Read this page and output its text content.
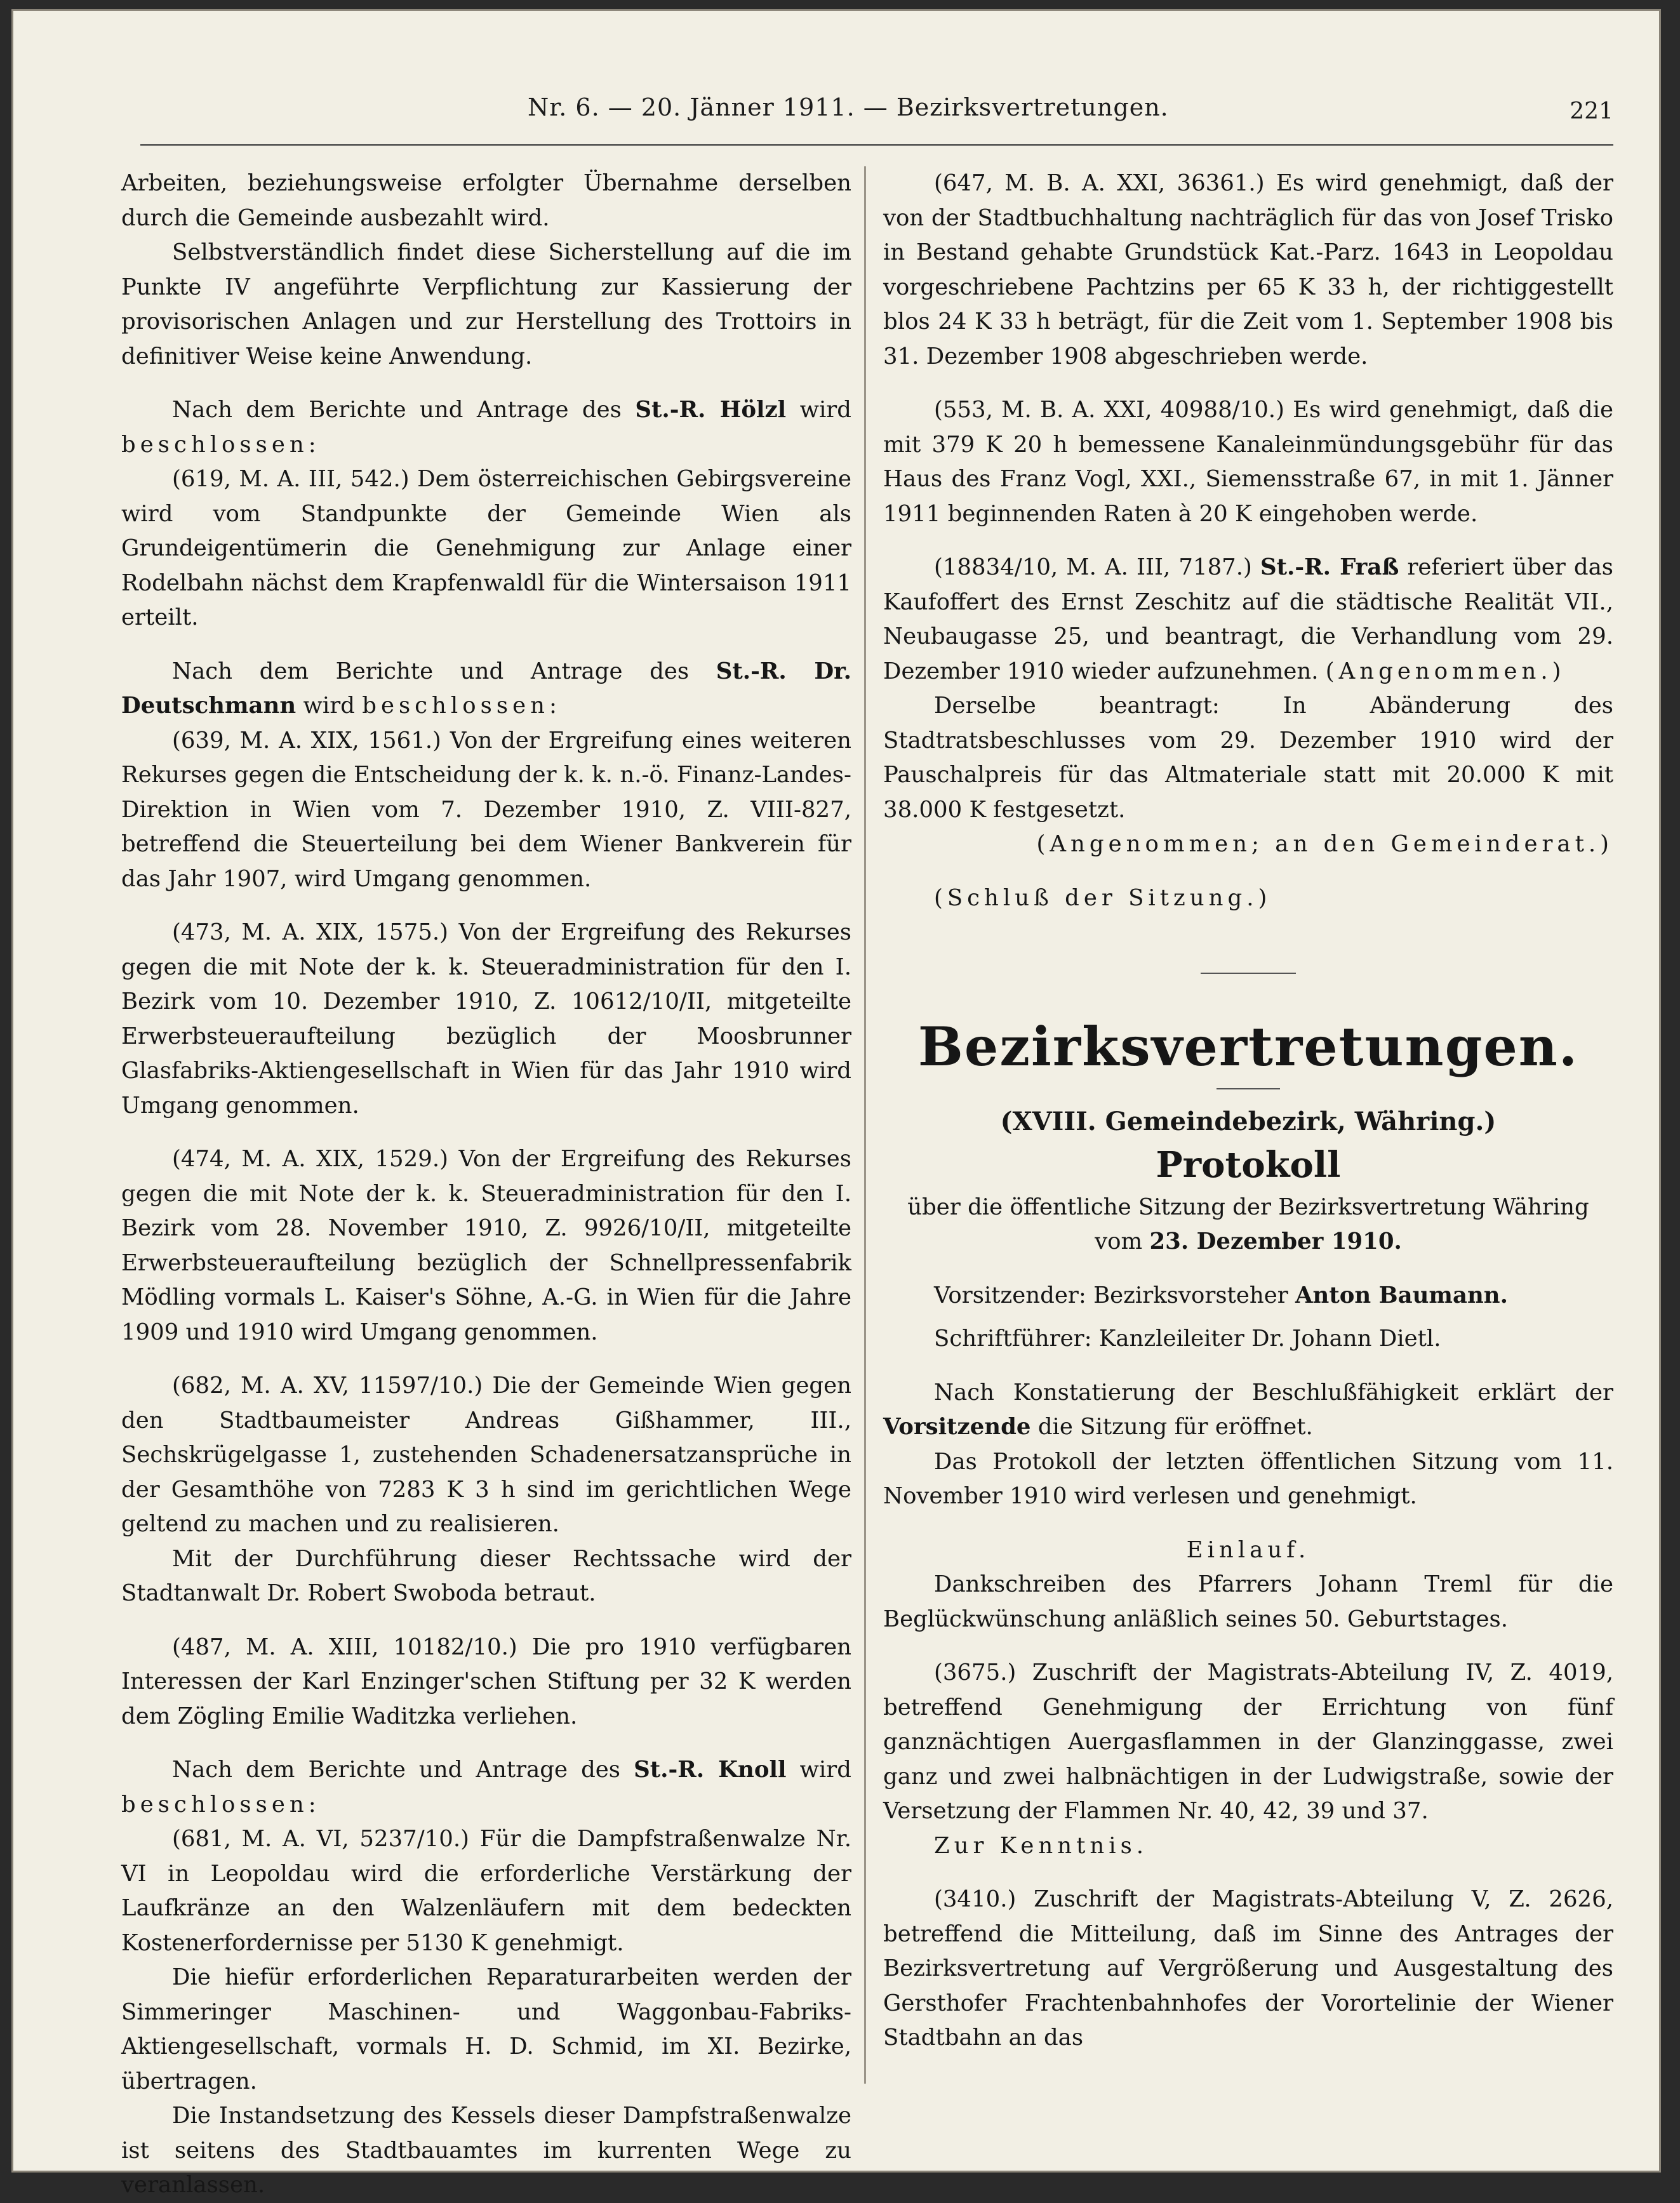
Nr. 6. — 20. Jänner 1911. — Bezirksvertretungen.	221

Arbeiten, beziehungsweise erfolgter Übernahme derselben durch die Gemeinde ausbezahlt wird.

Selbstverständlich findet diese Sicherstellung auf die im Punkte IV angeführte Verpflichtung zur Kassierung der provisorischen Anlagen und zur Herstellung des Trottoirs in definitiver Weise keine Anwendung.

Nach dem Berichte und Antrage des St.-R. Hölzl wird beschlossen:

(619, M. A. III, 542.) Dem österreichischen Gebirgsvereine wird vom Standpunkte der Gemeinde Wien als Grundeigentümerin die Genehmigung zur Anlage einer Rodelbahn nächst dem Krapfenwaldl für die Wintersaison 1911 erteilt.

Nach dem Berichte und Antrage des St.-R. Dr. Deutschmann wird beschlossen:

(639, M. A. XIX, 1561.) Von der Ergreifung eines weiteren Rekurses gegen die Entscheidung der k. k. n.-ö. Finanz-Landes-Direktion in Wien vom 7. Dezember 1910, Z. VIII-827, betreffend die Steuerteilung bei dem Wiener Bankverein für das Jahr 1907, wird Umgang genommen.

(473, M. A. XIX, 1575.) Von der Ergreifung des Rekurses gegen die mit Note der k. k. Steueradministration für den I. Bezirk vom 10. Dezember 1910, Z. 10612/10/II, mitgeteilte Erwerbsteueraufteilung bezüglich der Moosbrunner Glasfabriks-Aktiengesellschaft in Wien für das Jahr 1910 wird Umgang genommen.

(474, M. A. XIX, 1529.) Von der Ergreifung des Rekurses gegen die mit Note der k. k. Steueradministration für den I. Bezirk vom 28. November 1910, Z. 9926/10/II, mitgeteilte Erwerbsteueraufteilung bezüglich der Schnellpressenfabrik Mödling vormals L. Kaiser's Söhne, A.-G. in Wien für die Jahre 1909 und 1910 wird Umgang genommen.

(682, M. A. XV, 11597/10.) Die der Gemeinde Wien gegen den Stadtbaumeister Andreas Gißhammer, III., Sechskrügelgasse 1, zustehenden Schadenersatzansprüche in der Gesamthöhe von 7283 K 3 h sind im gerichtlichen Wege geltend zu machen und zu realisieren.

Mit der Durchführung dieser Rechtssache wird der Stadtanwalt Dr. Robert Swoboda betraut.

(487, M. A. XIII, 10182/10.) Die pro 1910 verfügbaren Interessen der Karl Enzinger'schen Stiftung per 32 K werden dem Zögling Emilie Waditzka verliehen.

Nach dem Berichte und Antrage des St.-R. Knoll wird beschlossen:

(681, M. A. VI, 5237/10.) Für die Dampfstraßenwalze Nr. VI in Leopoldau wird die erforderliche Verstärkung der Laufkränze an den Walzenläufern mit dem bedeckten Kostenerfordernisse per 5130 K genehmigt.

Die hiefür erforderlichen Reparaturarbeiten werden der Simmeringer Maschinen- und Waggonbau-Fabriks-Aktiengesellschaft, vormals H. D. Schmid, im XI. Bezirke, übertragen.

Die Instandsetzung des Kessels dieser Dampfstraßenwalze ist seitens des Stadtbauamtes im kurrenten Wege zu veranlassen.

(647, M. B. A. XXI, 36361.) Es wird genehmigt, daß der von der Stadtbuchhaltung nachträglich für das von Josef Trisko in Bestand gehabte Grundstück Kat.-Parz. 1643 in Leopoldau vorgeschriebene Pachtzins per 65 K 33 h, der richtiggestellt blos 24 K 33 h beträgt, für die Zeit vom 1. September 1908 bis 31. Dezember 1908 abgeschrieben werde.

(553, M. B. A. XXI, 40988/10.) Es wird genehmigt, daß die mit 379 K 20 h bemessene Kanaleinmündungsgebühr für das Haus des Franz Vogl, XXI., Siemensstraße 67, in mit 1. Jänner 1911 beginnenden Raten à 20 K eingehoben werde.

(18834/10, M. A. III, 7187.) St.-R. Fraß referiert über das Kaufoffert des Ernst Zeschitz auf die städtische Realität VII., Neubaugasse 25, und beantragt, die Verhandlung vom 29. Dezember 1910 wieder aufzunehmen. (Angenommen.)

Derselbe beantragt: In Abänderung des Stadtratsbeschlusses vom 29. Dezember 1910 wird der Pauschalpreis für das Altmateriale statt mit 20.000 K mit 38.000 K festgesetzt.

(Angenommen; an den Gemeinderat.)

(Schluß der Sitzung.)

Bezirksvertretungen.

(XVIII. Gemeindebezirk, Währing.)

Protokoll

über die öffentliche Sitzung der Bezirksvertretung Währing vom 23. Dezember 1910.

Vorsitzender: Bezirksvorsteher Anton Baumann.

Schriftführer: Kanzleileiter Dr. Johann Dietl.

Nach Konstatierung der Beschlußfähigkeit erklärt der Vorsitzende die Sitzung für eröffnet.

Das Protokoll der letzten öffentlichen Sitzung vom 11. November 1910 wird verlesen und genehmigt.

Einlauf.

Dankschreiben des Pfarrers Johann Treml für die Beglückwünschung anläßlich seines 50. Geburtstages.

(3675.) Zuschrift der Magistrats-Abteilung IV, Z. 4019, betreffend Genehmigung der Errichtung von fünf ganznächtigen Auergasflammen in der Glanzinggasse, zwei ganz und zwei halbnächtigen in der Ludwigstraße, sowie der Versetzung der Flammen Nr. 40, 42, 39 und 37.

Zur Kenntnis.

(3410.) Zuschrift der Magistrats-Abteilung V, Z. 2626, betreffend die Mitteilung, daß im Sinne des Antrages der Bezirksvertretung auf Vergrößerung und Ausgestaltung des Gersthofer Frachtenbahnhofes der Vorortelinie der Wiener Stadtbahn an das
